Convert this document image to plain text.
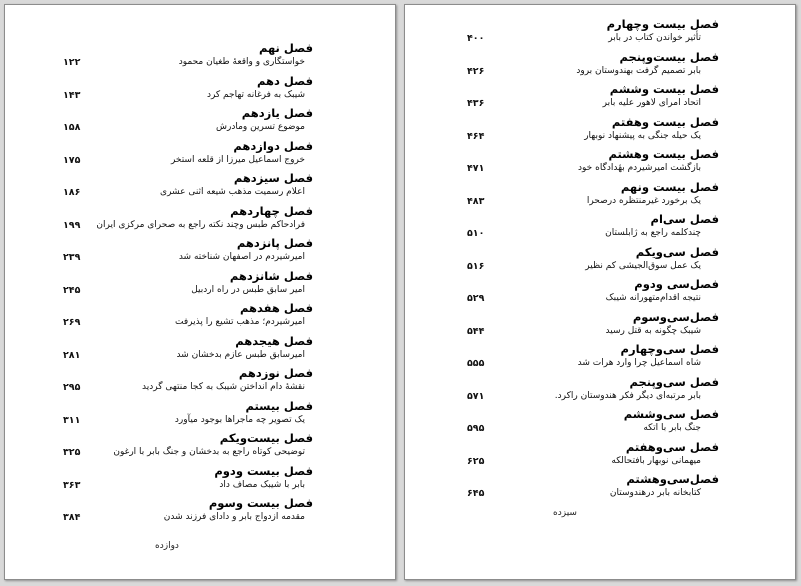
فصل نهم
خواستگاری و واقعهٔ طغیان محمود
۱۲۲
فصل دهم
شیبک به فرغانه تهاجم کرد
۱۴۳
فصل یازدهم
موضوع تسرین ومادرش
۱۵۸
فصل دوازدهم
خروج اسماعیل میرزا از قلعه استخر
۱۷۵
فصل سیزدهم
اعلام رسمیت مذهب شیعه اثنی عشری
۱۸۶
فصل چهاردهم
فرادحاکم طبس وچند نکته راجع به صحرای مرکزی ایران
۱۹۹
فصل پانزدهم
امیرشیردم در اصفهان شناخته شد
۲۳۹
فصل شانزدهم
امیر سابق طبس در راه اردبیل
۲۴۵
فصل هفدهم
امیرشیردم؛ مذهب تشیع را پذیرفت
۲۶۹
فصل هیجدهم
امیرسابق طبس عازم بدخشان شد
۲۸۱
فصل نوزدهم
نقشهٔ دام انداختن شیبک به کجا منتهی گردید
۲۹۵
فصل بیستم
یک تصویر چه ماجراها بوجود میآورد
۳۱۱
فصل بیست‌ویکم
توضیحی کوتاه راجع به بدخشان و جنگ بابر با ارغون
۳۲۵
فصل بیست ودوم
بابر با شیبک مصاف داد
۳۶۳
فصل بیست وسوم
مقدمه ازدواج بابر و دادای فرزند شدن
۳۸۴
دوازده
فصل بیست وچهارم
تأثیر خواندن کتاب در بابر
۴۰۰
فصل بیست‌وپنجم
بابر تصمیم گرفت بهندوستان برود
۴۲۶
فصل بیست وششم
اتحاد امرای لاهور علیه بابر
۴۳۶
فصل بیست وهفتم
یک حیله جنگی به پیشنهاد نوبهار
۴۶۴
فصل بیست وهشتم
بازگشت امیرشیردم بهٔدادگاه خود
۴۷۱
فصل بیست ونهم
یک برخورد غیرمنتظره درصحرا
۴۸۳
فصل سی‌ام
چندکلمه راجع به ژابلستان
۵۱۰
فصل سی‌ویکم
یک عمل سوق‌الجیشی کم نظیر
۵۱۶
فصل‌سی ودوم
نتیجه اقدام‌متهورانه شیبک
۵۲۹
فصل‌سی‌وسوم
شیبک چگونه به قتل رسید
۵۴۴
فصل سی‌وچهارم
شاه اسماعیل چرا وارد هرات شد
۵۵۵
فصل سی‌وپنجم
بابر مرتبه‌ای دیگر فکر هندوستان را‌کرد.
۵۷۱
فصل سی‌وششم
جنگ بابر با اتکه
۵۹۵
فصل سی‌وهفتم
میهمانی نوبهار بافتحالکه
۶۲۵
فصل‌سی‌وهشتم
کتابخانه بابر درهندوستان
۶۴۵
سیزده
